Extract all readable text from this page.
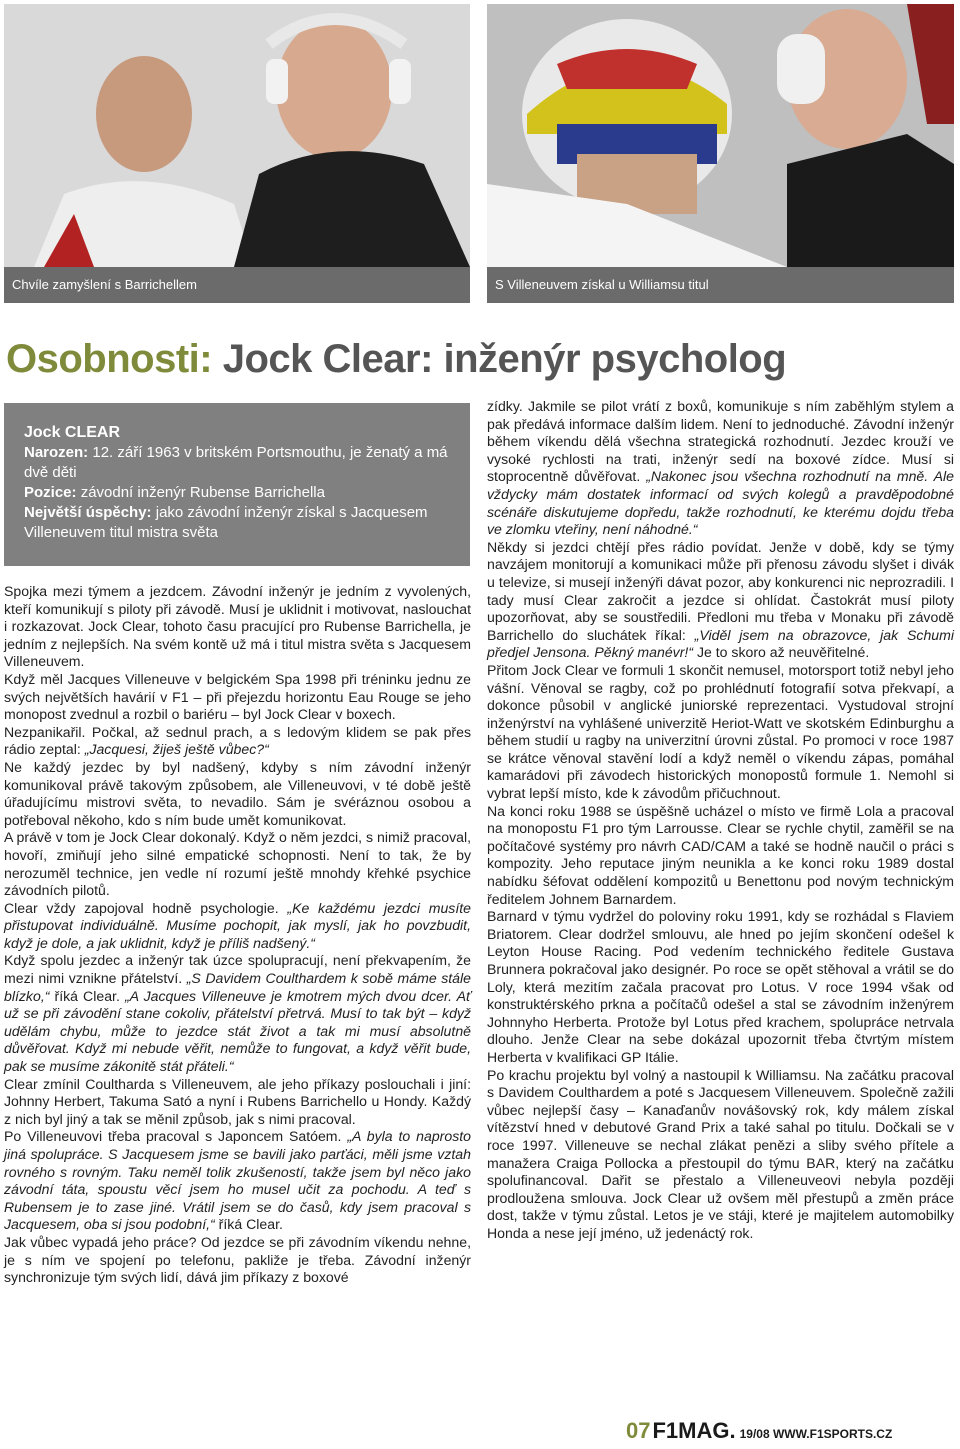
Chvíle zamyšlení s Barrichellem	S Villeneuvem získal u Williamsu titul
Osobnosti: Jock Clear: inženýr psycholog
Jock CLEAR
Narozen: 12. září 1963 v britském Portsmouthu, je ženatý a má dvě děti
Pozice: závodní inženýr Rubense Barrichella
Největší úspěchy: jako závodní inženýr získal s Jacquesem Villeneuvem titul mistra světa

Spojka mezi týmem a jezdcem. Závodní inženýr je jedním z vyvolených, kteří komunikují s piloty při závodě. Musí je uklidnit i motivovat, naslouchat i rozkazovat. Jock Clear, tohoto času pracující pro Rubense Barrichella, je jedním z nejlepších. Na svém kontě už má i titul mistra světa s Jacquesem Villeneuvem.

Když měl Jacques Villeneuve v belgickém Spa 1998 při tréninku jednu ze svých největších havárií v F1 – při přejezdu horizontu Eau Rouge se jeho monopost zvednul a rozbil o bariéru – byl Jock Clear v boxech.

Nezpanikařil. Počkal, až sednul prach, a s ledovým klidem se pak přes rádio zeptal: „Jacquesi, žiješ ještě vůbec?“

Ne každý jezdec by byl nadšený, kdyby s ním závodní inženýr komunikoval právě takovým způsobem, ale Villeneuvovi, v té době ještě úřadujícímu mistrovi světa, to nevadilo. Sám je svéráznou osobou a potřeboval někoho, kdo s ním bude umět komunikovat.

A právě v tom je Jock Clear dokonalý. Když o něm jezdci, s nimiž pracoval, hovoří, zmiňují jeho silné empatické schopnosti. Není to tak, že by nerozuměl technice, jen vedle ní rozumí ještě mnohdy křehké psychice závodních pilotů.

Clear vždy zapojoval hodně psychologie. „Ke každému jezdci musíte přistupovat individuálně. Musíme pochopit, jak myslí, jak ho povzbudit, když je dole, a jak uklidnit, když je příliš nadšený.“

Když spolu jezdec a inženýr tak úzce spolupracují, není překvapením, že mezi nimi vznikne přátelství. „S Davidem Coulthardem k sobě máme stále blízko,“ říká Clear. „A Jacques Villeneuve je kmotrem mých dvou dcer. Ať už se při závodění stane cokoliv, přátelství přetrvá. Musí to tak být – když udělám chybu, může to jezdce stát život a tak mi musí absolutně důvěřovat. Když mi nebude věřit, nemůže to fungovat, a když věřit bude, pak se musíme zákonitě stát přáteli.“

Clear zmínil Coultharda s Villeneuvem, ale jeho příkazy poslouchali i jiní: Johnny Herbert, Takuma Sató a nyní i Rubens Barrichello u Hondy. Každý z nich byl jiný a tak se měnil způsob, jak s nimi pracoval.

Po Villeneuvovi třeba pracoval s Japoncem Satóem. „A byla to naprosto jiná spolupráce. S Jacquesem jsme se bavili jako parťáci, měli jsme vztah rovného s rovným. Taku neměl tolik zkušeností, takže jsem byl něco jako závodní táta, spoustu věcí jsem ho musel učit za pochodu. A teď s Rubensem je to zase jiné. Vrátil jsem se do časů, kdy jsem pracoval s Jacquesem, oba si jsou podobní,“ říká Clear.

Jak vůbec vypadá jeho práce? Od jezdce se při závodním víkendu nehne, je s ním ve spojení po telefonu, pakliže je třeba. Závodní inženýr synchronizuje tým svých lidí, dává jim příkazy z boxové

zídky. Jakmile se pilot vrátí z boxů, komunikuje s ním zaběhlým stylem a pak předává informace dalším lidem. Není to jednoduché. Závodní inženýr během víkendu dělá všechna strategická rozhodnutí. Jezdec krouží ve vysoké rychlosti na trati, inženýr sedí na boxové zídce. Musí si stoprocentně důvěřovat. „Nakonec jsou všechna rozhodnutí na mně. Ale vždycky mám dostatek informací od svých kolegů a pravděpodobné scénáře diskutujeme dopředu, takže rozhodnutí, ke kterému dojdu třeba ve zlomku vteřiny, není náhodné.“

Někdy si jezdci chtějí přes rádio povídat. Jenže v době, kdy se týmy navzájem monitorují a komunikaci může při přenosu závodu slyšet i divák u televize, si musejí inženýři dávat pozor, aby konkurenci nic neprozradili. I tady musí Clear zakročit a jezdce si ohlídat. Častokrát musí piloty upozorňovat, aby se soustředili. Předloni mu třeba v Monaku při závodě Barrichello do sluchátek říkal: „Viděl jsem na obrazovce, jak Schumi předjel Jensona. Pěkný manévr!“ Je to skoro až neuvěřitelné.

Přitom Jock Clear ve formuli 1 skončit nemusel, motorsport totiž nebyl jeho vášní. Věnoval se ragby, což po prohlédnutí fotografií sotva překvapí, a dokonce působil v anglické juniorské reprezentaci. Vystudoval strojní inženýrství na vyhlášené univerzitě Heriot-Watt ve skotském Edinburghu a během studií u ragby na univerzitní úrovni zůstal. Po promoci v roce 1987 se krátce věnoval stavění lodí a když neměl o víkendu zápas, pomáhal kamarádovi při závodech historických monopostů formule 1. Nemohl si vybrat lepší místo, kde k závodům přičuchnout.

Na konci roku 1988 se úspěšně ucházel o místo ve firmě Lola a pracoval na monopostu F1 pro tým Larrousse. Clear se rychle chytil, zaměřil se na počítačové systémy pro návrh CAD/CAM a také se hodně naučil o práci s kompozity. Jeho reputace jiným neunikla a ke konci roku 1989 dostal nabídku šéfovat oddělení kompozitů u Benettonu pod novým technickým ředitelem Johnem Barnardem.

Barnard v týmu vydržel do poloviny roku 1991, kdy se rozhádal s Flaviem Briatorem. Clear dodržel smlouvu, ale hned po jejím skončení odešel k Leyton House Racing. Pod vedením technického ředitele Gustava Brunnera pokračoval jako designér. Po roce se opět stěhoval a vrátil se do Loly, která mezitím začala pracovat pro Lotus. V roce 1994 však od konstruktérského prkna a počítačů odešel a stal se závodním inženýrem Johnnyho Herberta. Protože byl Lotus před krachem, spolupráce netrvala dlouho. Jenže Clear na sebe dokázal upozornit třeba čtvrtým místem Herberta v kvalifikaci GP Itálie.

Po krachu projektu byl volný a nastoupil k Williamsu. Na začátku pracoval s Davidem Coulthardem a poté s Jacquesem Villeneuvem. Společně zažili vůbec nejlepší časy – Kanaďanův novášovský rok, kdy málem získal vítězství hned v debutové Grand Prix a také sahal po titulu. Dočkali se v roce 1997. Villeneuve se nechal zlákat penězi a sliby svého přítele a manažera Craiga Pollocka a přestoupil do týmu BAR, který na začátku spolufinancoval. Dařit se přestalo a Villeneuveovi nebyla později prodloužena smlouva. Jock Clear už ovšem měl přestupů a změn práce dost, takže v týmu zůstal. Letos je ve stáji, které je majitelem automobilky Honda a nese její jméno, už jedenáctý rok.

07F1MAG. 19/08 WWW.F1SPORTS.CZ
